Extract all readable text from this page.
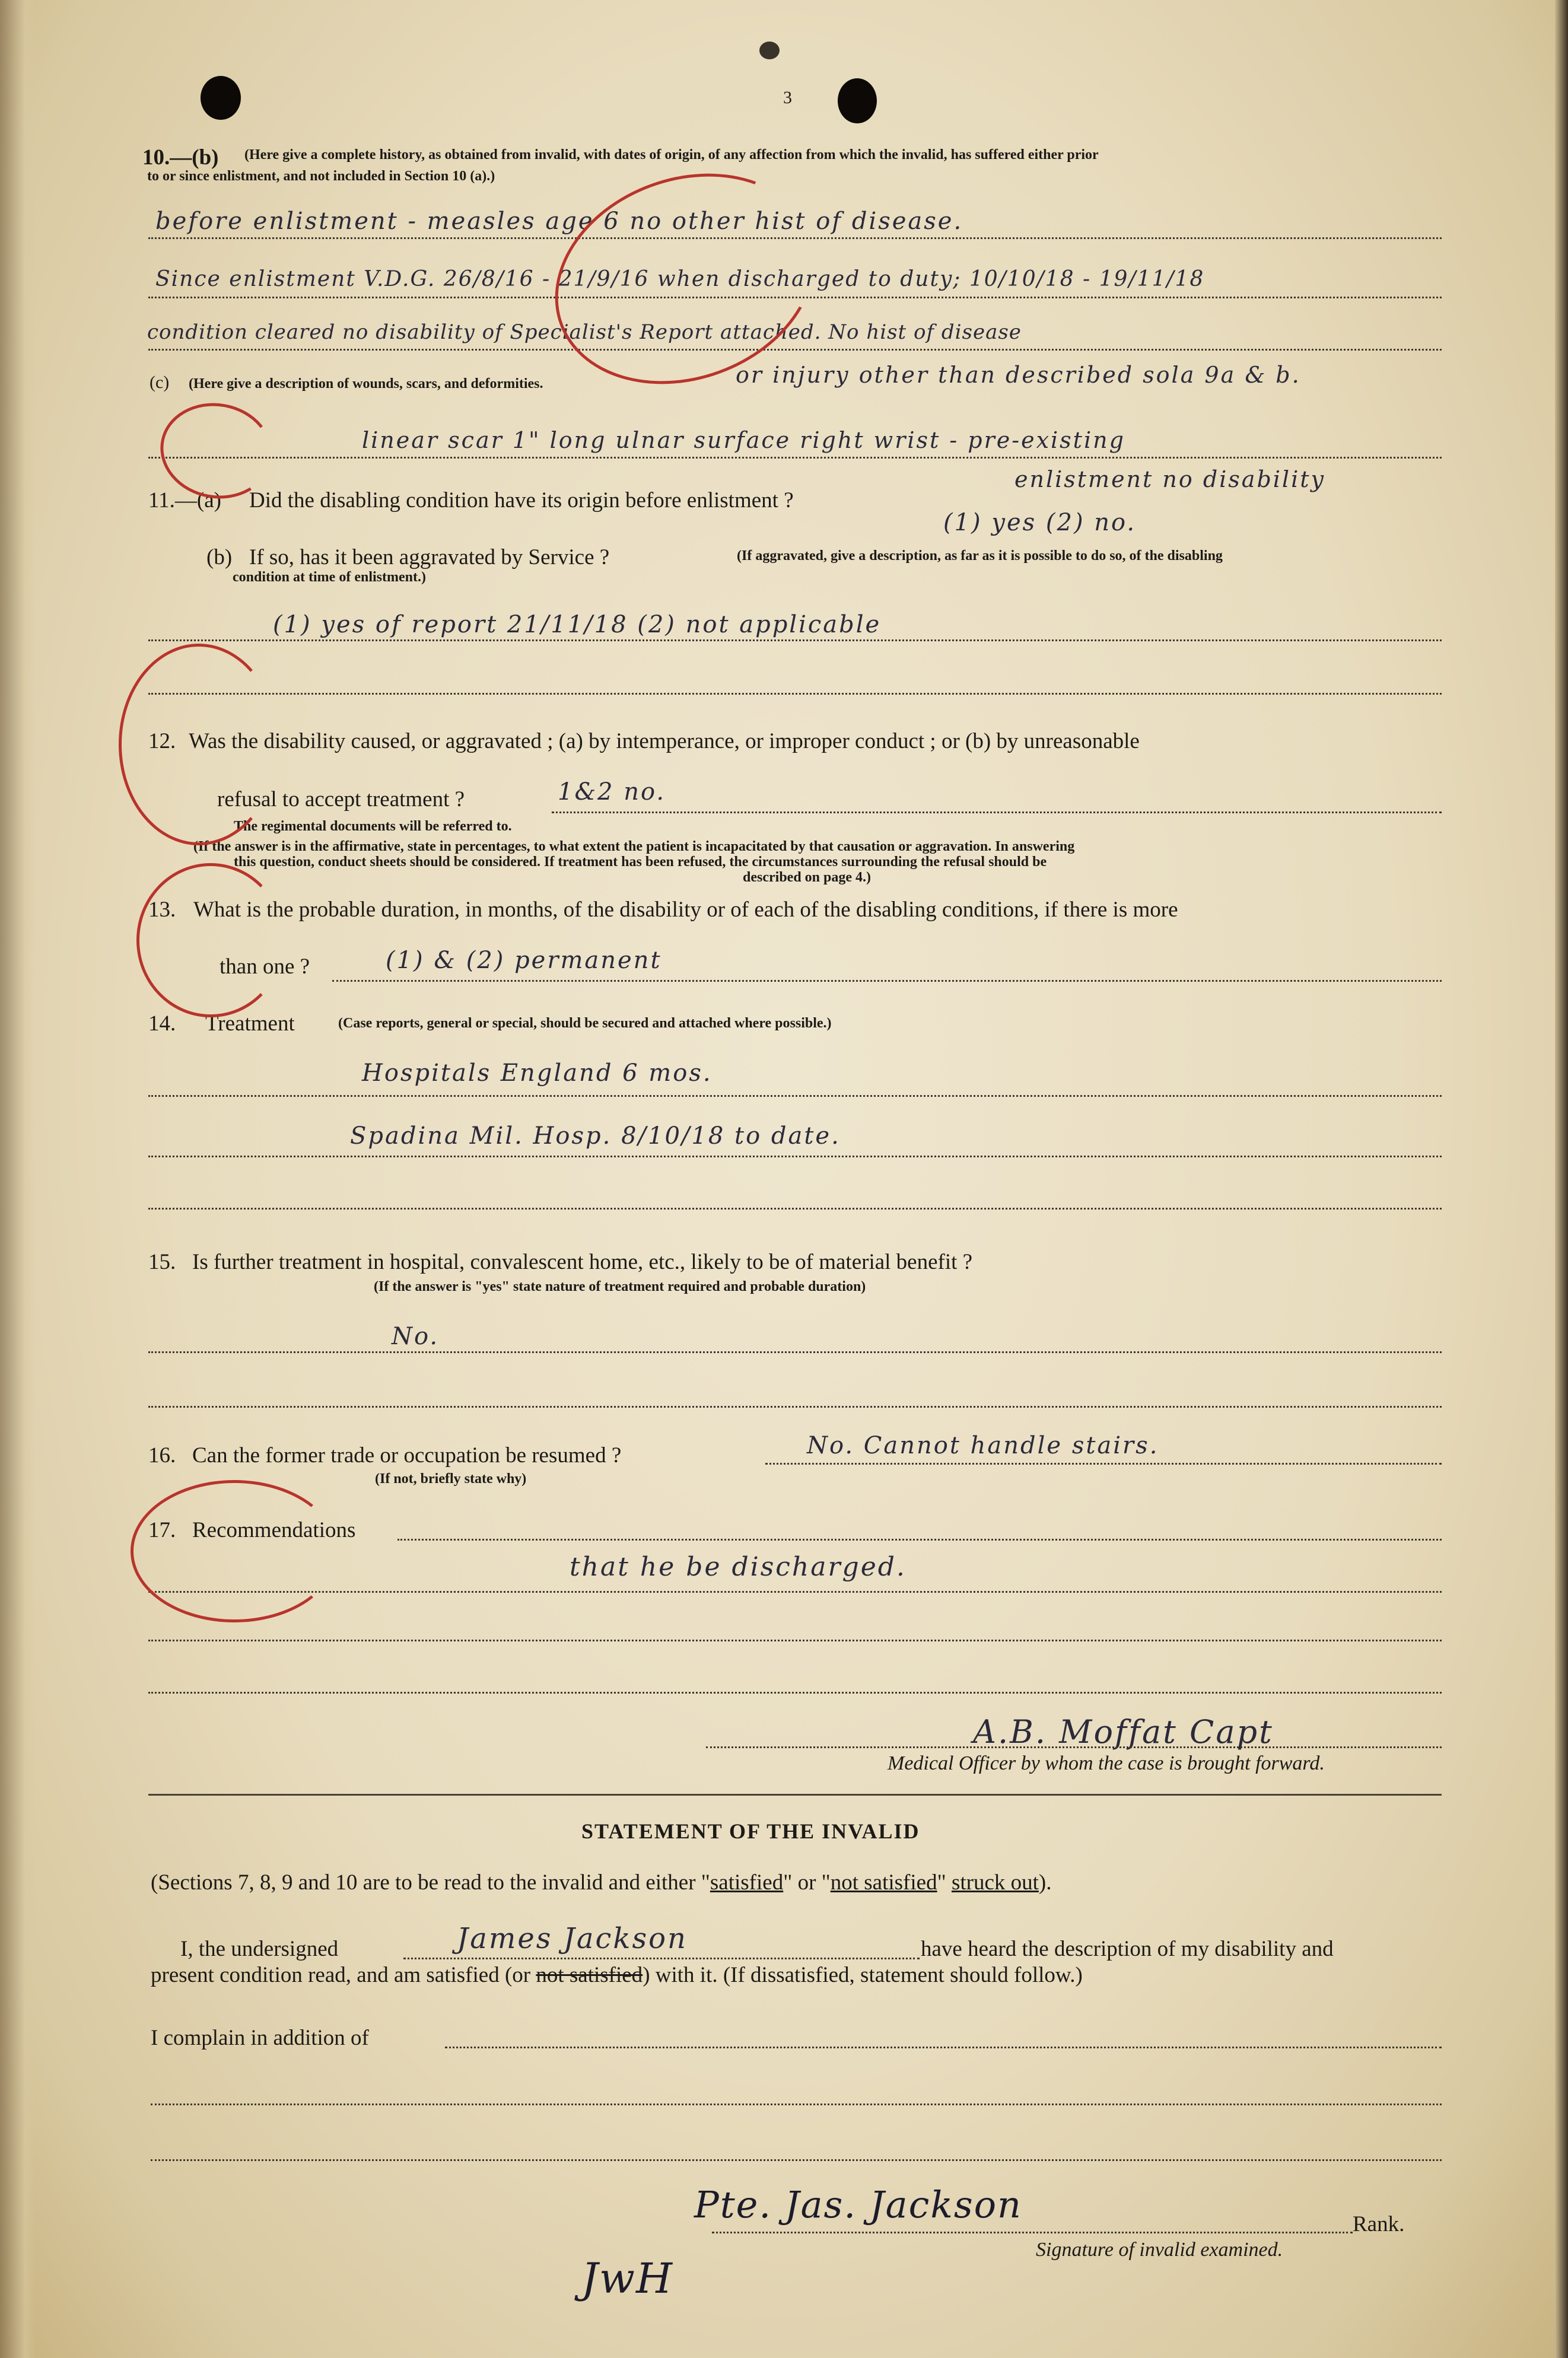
3
10.—(b) (Here give a complete history, as obtained from invalid, with dates of origin, of any affection from which the invalid, has suffered either prior
to or since enlistment, and not included in Section 10 (a).)
before enlistment - measles age 6 no other hist of disease.
Since enlistment V.D.G. 26/8/16 - 21/9/16 when discharged to duty; 10/10/18 - 19/11/18
condition cleared no disability of Specialist's Report attached. No hist of disease
or injury other than described sola 9a & b.
(c) (Here give a description of wounds, scars, and deformities.
linear scar 1" long ulnar surface right wrist - pre-existing
11.—(a) Did the disabling condition have its origin before enlistment ?
enlistment no disability
(1) yes (2) no.
(b) If so, has it been aggravated by Service ?	(If aggravated, give a description, as far as it is possible to do so, of the disabling
condition at time of enlistment.)
(1) yes of report 21/11/18 (2) not applicable
12. Was the disability caused, or aggravated ; (a) by intemperance, or improper conduct ; or (b) by unreasonable
refusal to accept treatment ?	1&2 no.
The regimental documents will be referred to.
(If the answer is in the affirmative, state in percentages, to what extent the patient is incapacitated by that causation or aggravation. In answering
this question, conduct sheets should be considered. If treatment has been refused, the circumstances surrounding the refusal should be
described on page 4.)
13. What is the probable duration, in months, of the disability or of each of the disabling conditions, if there is more
than one ?	(1) & (2) permanent
14. Treatment	(Case reports, general or special, should be secured and attached where possible.)
Hospitals England 6 mos.
Spadina Mil. Hosp. 8/10/18 to date.
15. Is further treatment in hospital, convalescent home, etc., likely to be of material benefit ?
(If the answer is "yes" state nature of treatment required and probable duration)
No.
16. Can the former trade or occupation be resumed ?
(If not, briefly state why)
No. Cannot handle stairs.
17. Recommendations
that he be discharged.
A.B. Moffat Capt
Medical Officer by whom the case is brought forward.
STATEMENT OF THE INVALID
(Sections 7, 8, 9 and 10 are to be read to the invalid and either "satisfied" or "not satisfied" struck out).
I, the undersigned	James Jackson	have heard the description of my disability and
present condition read, and am satisfied (or not satisfied) with it. (If dissatisfied, statement should follow.)
I complain in addition of
Pte. Jas. Jackson	Rank.
Signature of invalid examined.
JwH
